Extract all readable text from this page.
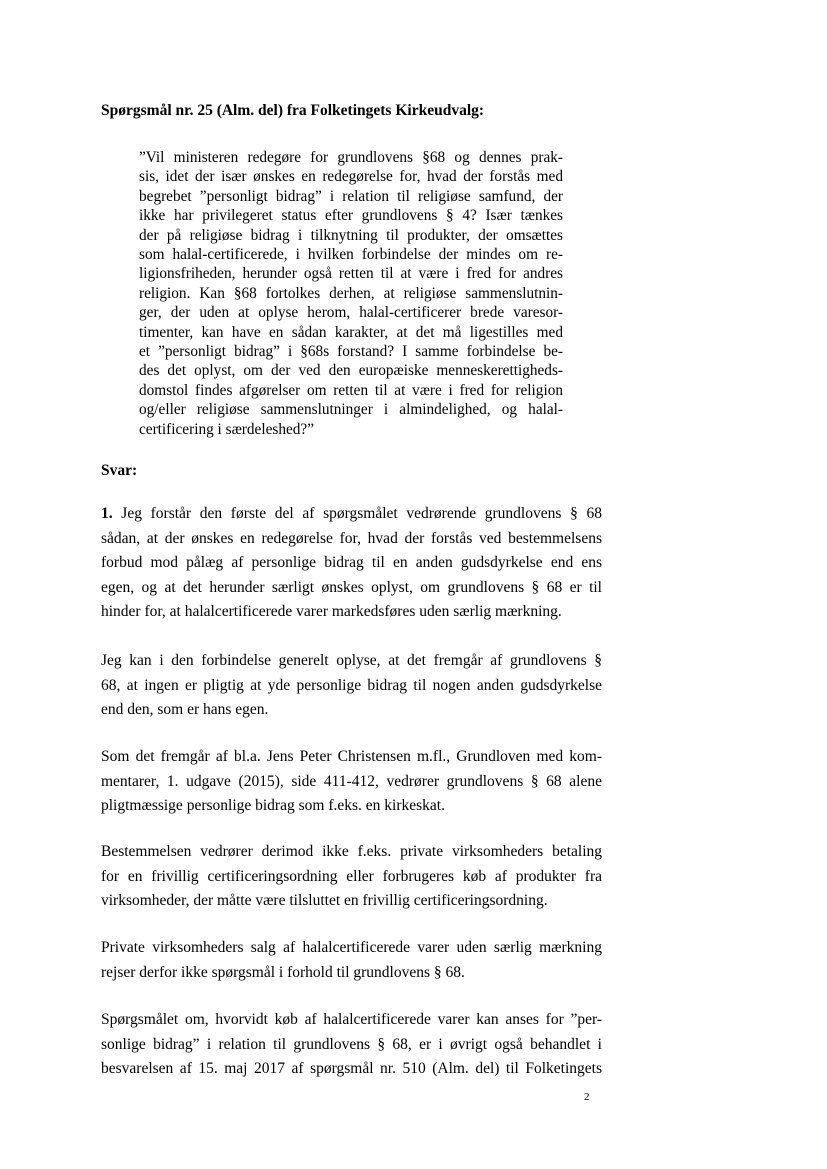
Spørgsmål nr. 25 (Alm. del) fra Folketingets Kirkeudvalg:
”Vil ministeren redegøre for grundlovens §68 og dennes prak-
sis, idet der især ønskes en redegørelse for, hvad der forstås med
begrebet ”personligt bidrag” i relation til religiøse samfund, der
ikke har privilegeret status efter grundlovens § 4? Især tænkes
der på religiøse bidrag i tilknytning til produkter, der omsættes
som halal-certificerede, i hvilken forbindelse der mindes om re-
ligionsfriheden, herunder også retten til at være i fred for andres
religion. Kan §68 fortolkes derhen, at religiøse sammenslutnin-
ger, der uden at oplyse herom, halal-certificerer brede varesor-
timenter, kan have en sådan karakter, at det må ligestilles med
et ”personligt bidrag” i §68s forstand? I samme forbindelse be-
des det oplyst, om der ved den europæiske menneskerettigheds-
domstol findes afgørelser om retten til at være i fred for religion
og/eller religiøse sammenslutninger i almindelighed, og halal-
certificering i særdeleshed?”
Svar:

1. Jeg forstår den første del af spørgsmålet vedrørende grundlovens § 68
sådan, at der ønskes en redegørelse for, hvad der forstås ved bestemmelsens
forbud mod pålæg af personlige bidrag til en anden gudsdyrkelse end ens
egen, og at det herunder særligt ønskes oplyst, om grundlovens § 68 er til
hinder for, at halalcertificerede varer markedsføres uden særlig mærkning.

Jeg kan i den forbindelse generelt oplyse, at det fremgår af grundlovens §
68, at ingen er pligtig at yde personlige bidrag til nogen anden gudsdyrkelse
end den, som er hans egen.

Som det fremgår af bl.a. Jens Peter Christensen m.fl., Grundloven med kom-
mentarer, 1. udgave (2015), side 411-412, vedrører grundlovens § 68 alene
pligtmæssige personlige bidrag som f.eks. en kirkeskat.

Bestemmelsen vedrører derimod ikke f.eks. private virksomheders betaling
for en frivillig certificeringsordning eller forbrugeres køb af produkter fra
virksomheder, der måtte være tilsluttet en frivillig certificeringsordning.

Private virksomheders salg af halalcertificerede varer uden særlig mærkning
rejser derfor ikke spørgsmål i forhold til grundlovens § 68.

Spørgsmålet om, hvorvidt køb af halalcertificerede varer kan anses for ”per-
sonlige bidrag” i relation til grundlovens § 68, er i øvrigt også behandlet i
besvarelsen af 15. maj 2017 af spørgsmål nr. 510 (Alm. del) til Folketingets

2
